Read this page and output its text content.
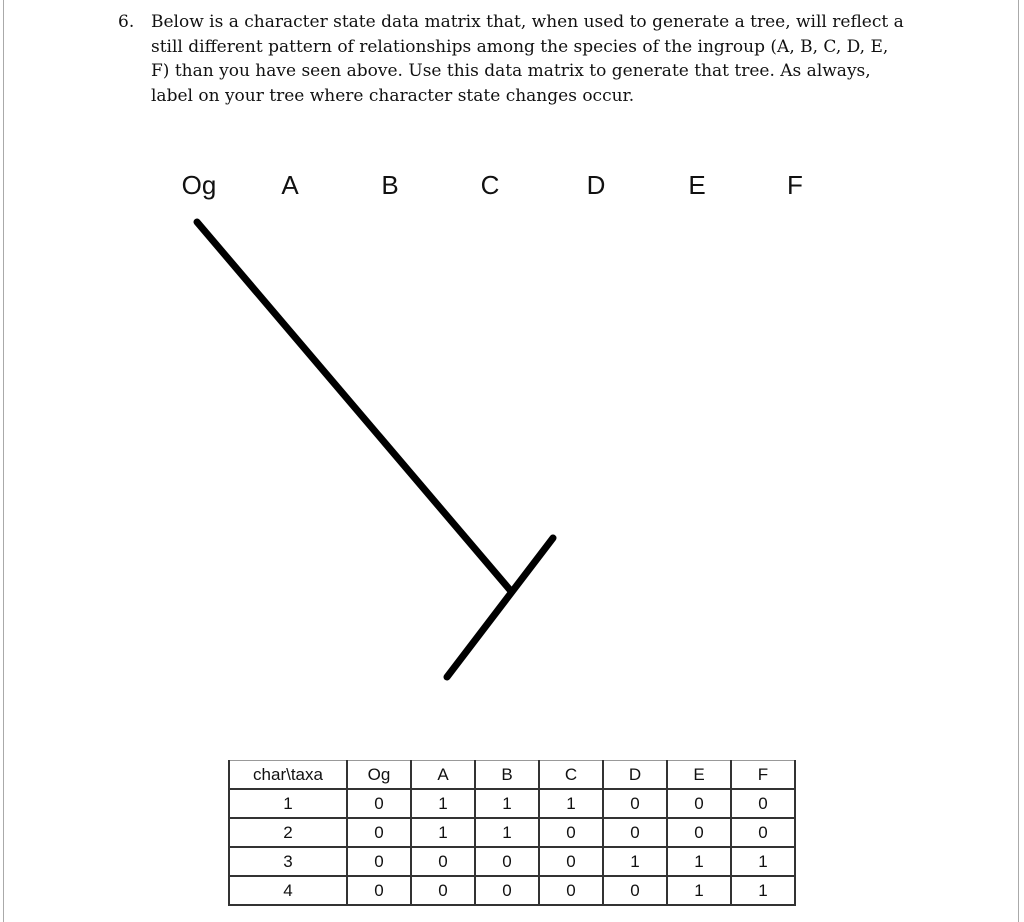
6. Below is a character state data matrix that, when used to generate a tree, will reflect a still different pattern of relationships among the species of the ingroup (A, B, C, D, E, F) than you have seen above. Use this data matrix to generate that tree. As always, label on your tree where character state changes occur.
Og A	B	C	D	E	F
char\taxa	Og	A	B	C	D	E	F
1	0	1	1	1	0	0	0
2	0	1	1	0	0	0	0
3	0	0	0	0	1	1	1
4	0	0	0	0	0	1	1
